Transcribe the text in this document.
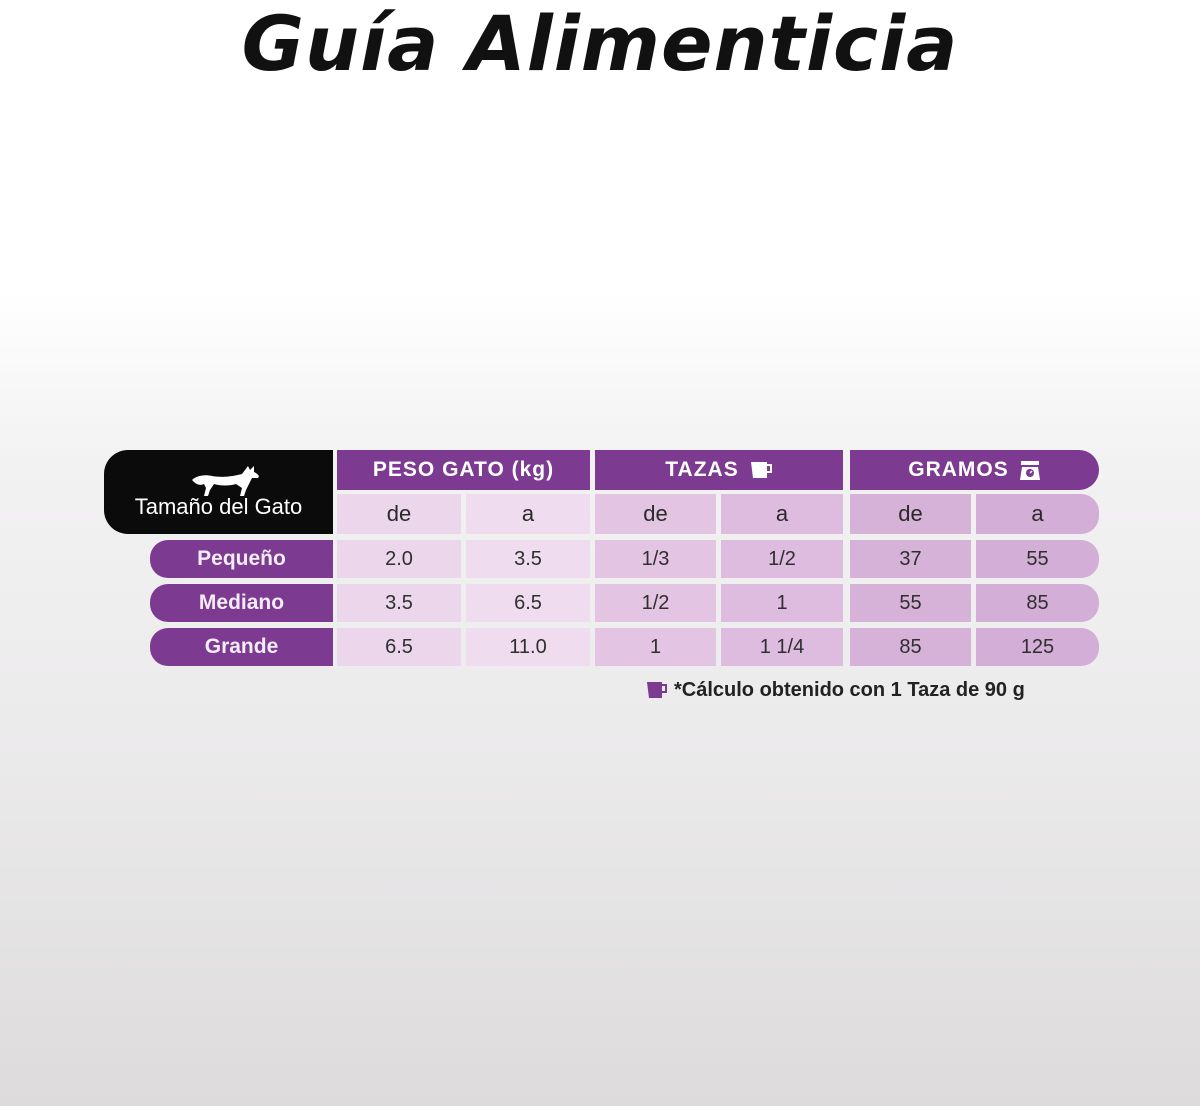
Guía Alimenticia
Tamaño del Gato
PESO GATO (kg)	TAZAS	GRAMOS
de	a	de	a	de	a
Pequeño	2.0	3.5	1/3	1/2	37	55
Mediano	3.5	6.5	1/2	1	55	85
Grande	6.5	11.0	1	1 1/4	85	125
*Cálculo obtenido con 1 Taza de 90 g
